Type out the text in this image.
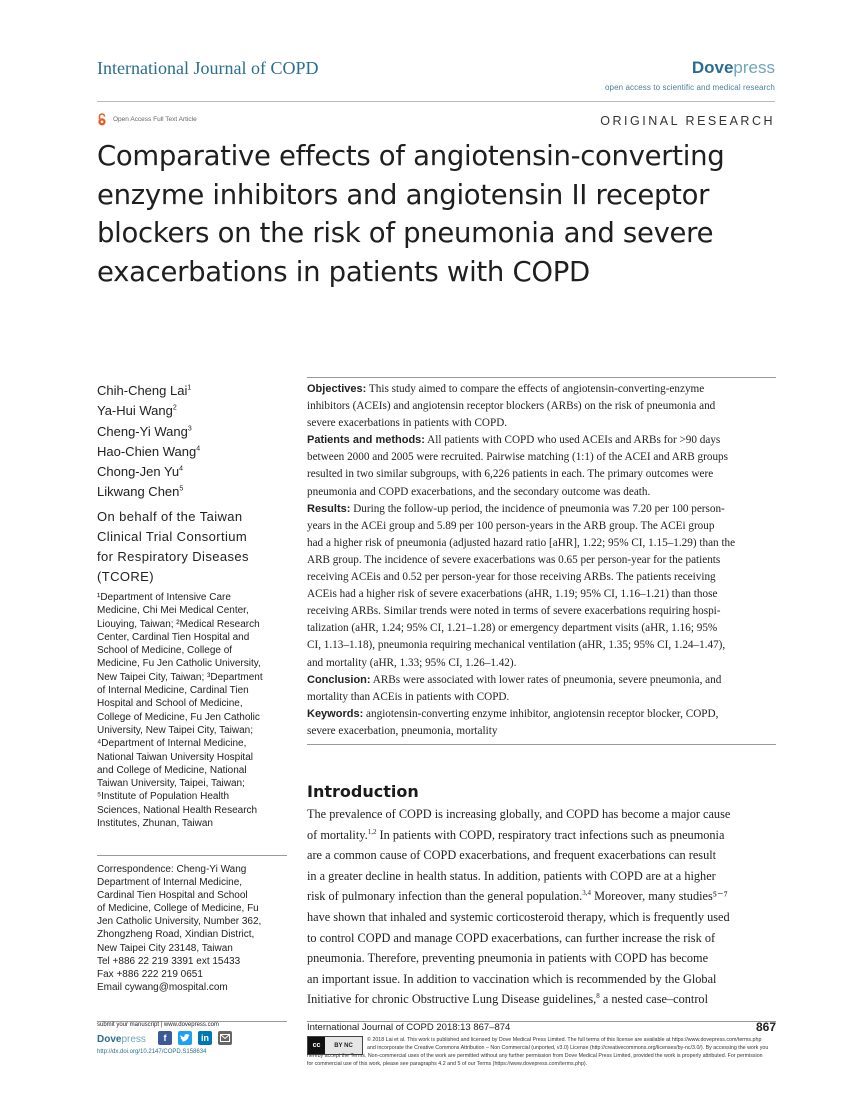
International Journal of COPD	Dovepress
open access to scientific and medical research
Open Access Full Text Article	ORIGINAL RESEARCH
Comparative effects of angiotensin-converting
enzyme inhibitors and angiotensin II receptor
blockers on the risk of pneumonia and severe
exacerbations in patients with COPD
Chih-Cheng Lai$^1$
Ya-Hui Wang$^2$
Cheng-Yi Wang$^3$
Hao-Chien Wang$^4$
Chong-Jen Yu$^4$
Likwang Chen$^5$
On behalf of the Taiwan
Clinical Trial Consortium
for Respiratory Diseases
(TCORE)
¹Department of Intensive Care
Medicine, Chi Mei Medical Center,
Liouying, Taiwan; ²Medical Research
Center, Cardinal Tien Hospital and
School of Medicine, College of
Medicine, Fu Jen Catholic University,
New Taipei City, Taiwan; ³Department
of Internal Medicine, Cardinal Tien
Hospital and School of Medicine,
College of Medicine, Fu Jen Catholic
University, New Taipei City, Taiwan;
⁴Department of Internal Medicine,
National Taiwan University Hospital
and College of Medicine, National
Taiwan University, Taipei, Taiwan;
⁵Institute of Population Health
Sciences, National Health Research
Institutes, Zhunan, Taiwan
Correspondence: Cheng-Yi Wang
Department of Internal Medicine,
Cardinal Tien Hospital and School
of Medicine, College of Medicine, Fu
Jen Catholic University, Number 362,
Zhongzheng Road, Xindian District,
New Taipei City 23148, Taiwan
Tel +886 22 219 3391 ext 15433
Fax +886 222 219 0651
Email cywang@mospital.com
Objectives: This study aimed to compare the effects of angiotensin-converting-enzyme
inhibitors (ACEIs) and angiotensin receptor blockers (ARBs) on the risk of pneumonia and
severe exacerbations in patients with COPD.
Patients and methods: All patients with COPD who used ACEIs and ARBs for >90 days
between 2000 and 2005 were recruited. Pairwise matching (1:1) of the ACEI and ARB groups
resulted in two similar subgroups, with 6,226 patients in each. The primary outcomes were
pneumonia and COPD exacerbations, and the secondary outcome was death.
Results: During the follow-up period, the incidence of pneumonia was 7.20 per 100 person-
years in the ACEi group and 5.89 per 100 person-years in the ARB group. The ACEi group
had a higher risk of pneumonia (adjusted hazard ratio [aHR], 1.22; 95% CI, 1.15–1.29) than the
ARB group. The incidence of severe exacerbations was 0.65 per person-year for the patients
receiving ACEis and 0.52 per person-year for those receiving ARBs. The patients receiving
ACEis had a higher risk of severe exacerbations (aHR, 1.19; 95% CI, 1.16–1.21) than those
receiving ARBs. Similar trends were noted in terms of severe exacerbations requiring hospi-
talization (aHR, 1.24; 95% CI, 1.21–1.28) or emergency department visits (aHR, 1.16; 95%
CI, 1.13–1.18), pneumonia requiring mechanical ventilation (aHR, 1.35; 95% CI, 1.24–1.47),
and mortality (aHR, 1.33; 95% CI, 1.26–1.42).
Conclusion: ARBs were associated with lower rates of pneumonia, severe pneumonia, and
mortality than ACEis in patients with COPD.
Keywords: angiotensin-converting enzyme inhibitor, angiotensin receptor blocker, COPD,
severe exacerbation, pneumonia, mortality
Introduction
The prevalence of COPD is increasing globally, and COPD has become a major cause
of mortality.$^{1,2}$ In patients with COPD, respiratory tract infections such as pneumonia
are a common cause of COPD exacerbations, and frequent exacerbations can result
in a greater decline in health status. In addition, patients with COPD are at a higher
risk of pulmonary infection than the general population.$^{3,4}$ Moreover, many studies⁵⁻⁷
have shown that inhaled and systemic corticosteroid therapy, which is frequently used
to control COPD and manage COPD exacerbations, can further increase the risk of
pneumonia. Therefore, preventing pneumonia in patients with COPD has become
an important issue. In addition to vaccination which is recommended by the Global
Initiative for chronic Obstructive Lung Disease guidelines,$^8$ a nested case–control
submit your manuscript | www.dovepress.com
Dovepress	f	in
http://dx.doi.org/10.2147/COPD.S158634
International Journal of COPD 2018:13 867–874	867
cc	BY NC
© 2018 Lai et al. This work is published and licensed by Dove Medical Press Limited. The full terms of this license are available at https://www.dovepress.com/terms.php
and incorporate the Creative Commons Attribution – Non Commercial (unported, v3.0) License (http://creativecommons.org/licenses/by-nc/3.0/). By accessing the work you
hereby accept the Terms. Non-commercial uses of the work are permitted without any further permission from Dove Medical Press Limited, provided the work is properly attributed. For permission
for commercial use of this work, please see paragraphs 4.2 and 5 of our Terms (https://www.dovepress.com/terms.php).
